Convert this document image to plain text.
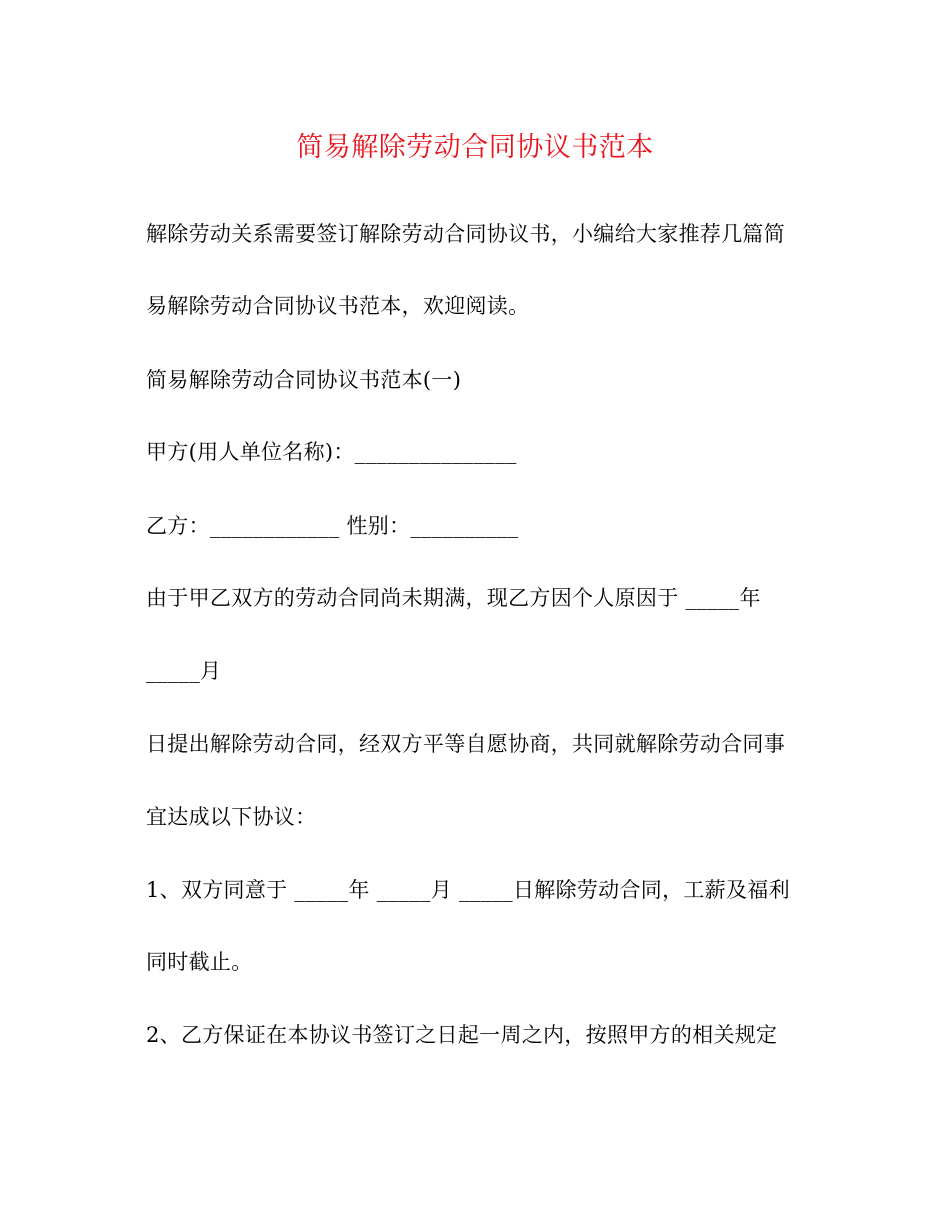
简易解除劳动合同协议书范本
解除劳动关系需要签订解除劳动合同协议书，小编给大家推荐几篇简
易解除劳动合同协议书范本，欢迎阅读。
简易解除劳动合同协议书范本(一)
甲方(用人单位名称)：_______________
乙方：____________ 性别：__________
由于甲乙双方的劳动合同尚未期满，现乙方因个人原因于 _____年
_____月
日提出解除劳动合同，经双方平等自愿协商，共同就解除劳动合同事
宜达成以下协议：
1、双方同意于 _____年 _____月 _____日解除劳动合同，工薪及福利
同时截止。
2、乙方保证在本协议书签订之日起一周之内，按照甲方的相关规定
